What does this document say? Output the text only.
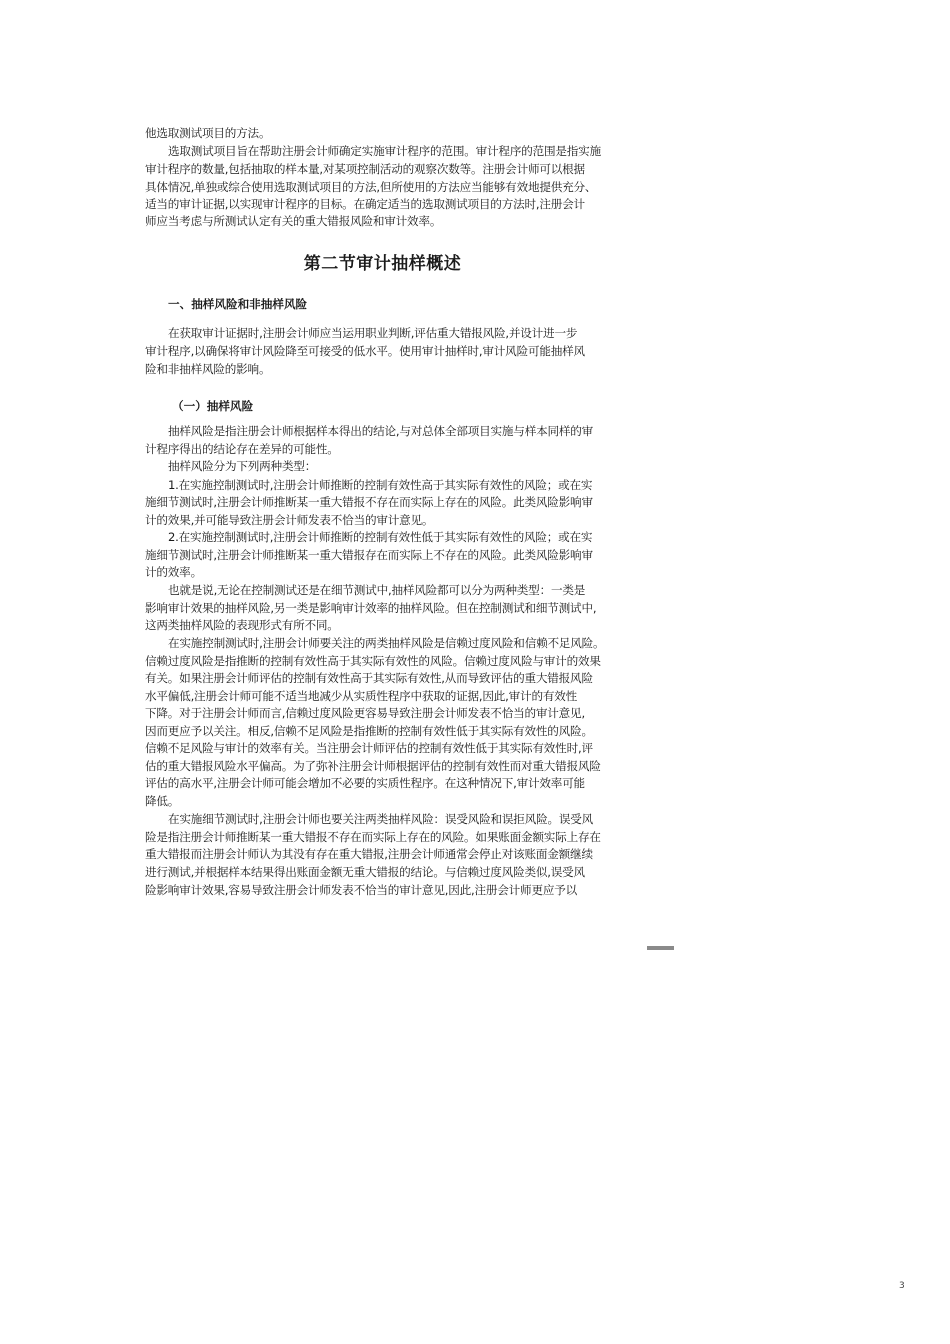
他选取测试项目的方法。
选取测试项目旨在帮助注册会计师确定实施审计程序的范围。审计程序的范围是指实施
审计程序的数量,包括抽取的样本量,对某项控制活动的观察次数等。注册会计师可以根据
具体情况,单独或综合使用选取测试项目的方法,但所使用的方法应当能够有效地提供充分、
适当的审计证据,以实现审计程序的目标。在确定适当的选取测试项目的方法时,注册会计
师应当考虑与所测试认定有关的重大错报风险和审计效率。
第二节审计抽样概述
一、抽样风险和非抽样风险
在获取审计证据时,注册会计师应当运用职业判断,评估重大错报风险,并设计进一步
审计程序,以确保将审计风险降至可接受的低水平。使用审计抽样时,审计风险可能抽样风
险和非抽样风险的影响。
（一）抽样风险
抽样风险是指注册会计师根据样本得出的结论,与对总体全部项目实施与样本同样的审
计程序得出的结论存在差异的可能性。
抽样风险分为下列两种类型：
1.在实施控制测试时,注册会计师推断的控制有效性高于其实际有效性的风险；或在实
施细节测试时,注册会计师推断某一重大错报不存在而实际上存在的风险。此类风险影响审
计的效果,并可能导致注册会计师发表不恰当的审计意见。
2.在实施控制测试时,注册会计师推断的控制有效性低于其实际有效性的风险；或在实
施细节测试时,注册会计师推断某一重大错报存在而实际上不存在的风险。此类风险影响审
计的效率。
也就是说,无论在控制测试还是在细节测试中,抽样风险都可以分为两种类型：一类是
影响审计效果的抽样风险,另一类是影响审计效率的抽样风险。但在控制测试和细节测试中,
这两类抽样风险的表现形式有所不同。
在实施控制测试时,注册会计师要关注的两类抽样风险是信赖过度风险和信赖不足风险。
信赖过度风险是指推断的控制有效性高于其实际有效性的风险。信赖过度风险与审计的效果
有关。如果注册会计师评估的控制有效性高于其实际有效性,从而导致评估的重大错报风险
水平偏低,注册会计师可能不适当地减少从实质性程序中获取的证据,因此,审计的有效性
下降。对于注册会计师而言,信赖过度风险更容易导致注册会计师发表不恰当的审计意见,
因而更应予以关注。相反,信赖不足风险是指推断的控制有效性低于其实际有效性的风险。
信赖不足风险与审计的效率有关。当注册会计师评估的控制有效性低于其实际有效性时,评
估的重大错报风险水平偏高。为了弥补注册会计师根据评估的控制有效性而对重大错报风险
评估的高水平,注册会计师可能会增加不必要的实质性程序。在这种情况下,审计效率可能
降低。
在实施细节测试时,注册会计师也要关注两类抽样风险：误受风险和误拒风险。误受风
险是指注册会计师推断某一重大错报不存在而实际上存在的风险。如果账面金额实际上存在
重大错报而注册会计师认为其没有存在重大错报,注册会计师通常会停止对该账面金额继续
进行测试,并根据样本结果得出账面金额无重大错报的结论。与信赖过度风险类似,误受风
险影响审计效果,容易导致注册会计师发表不恰当的审计意见,因此,注册会计师更应予以
3
